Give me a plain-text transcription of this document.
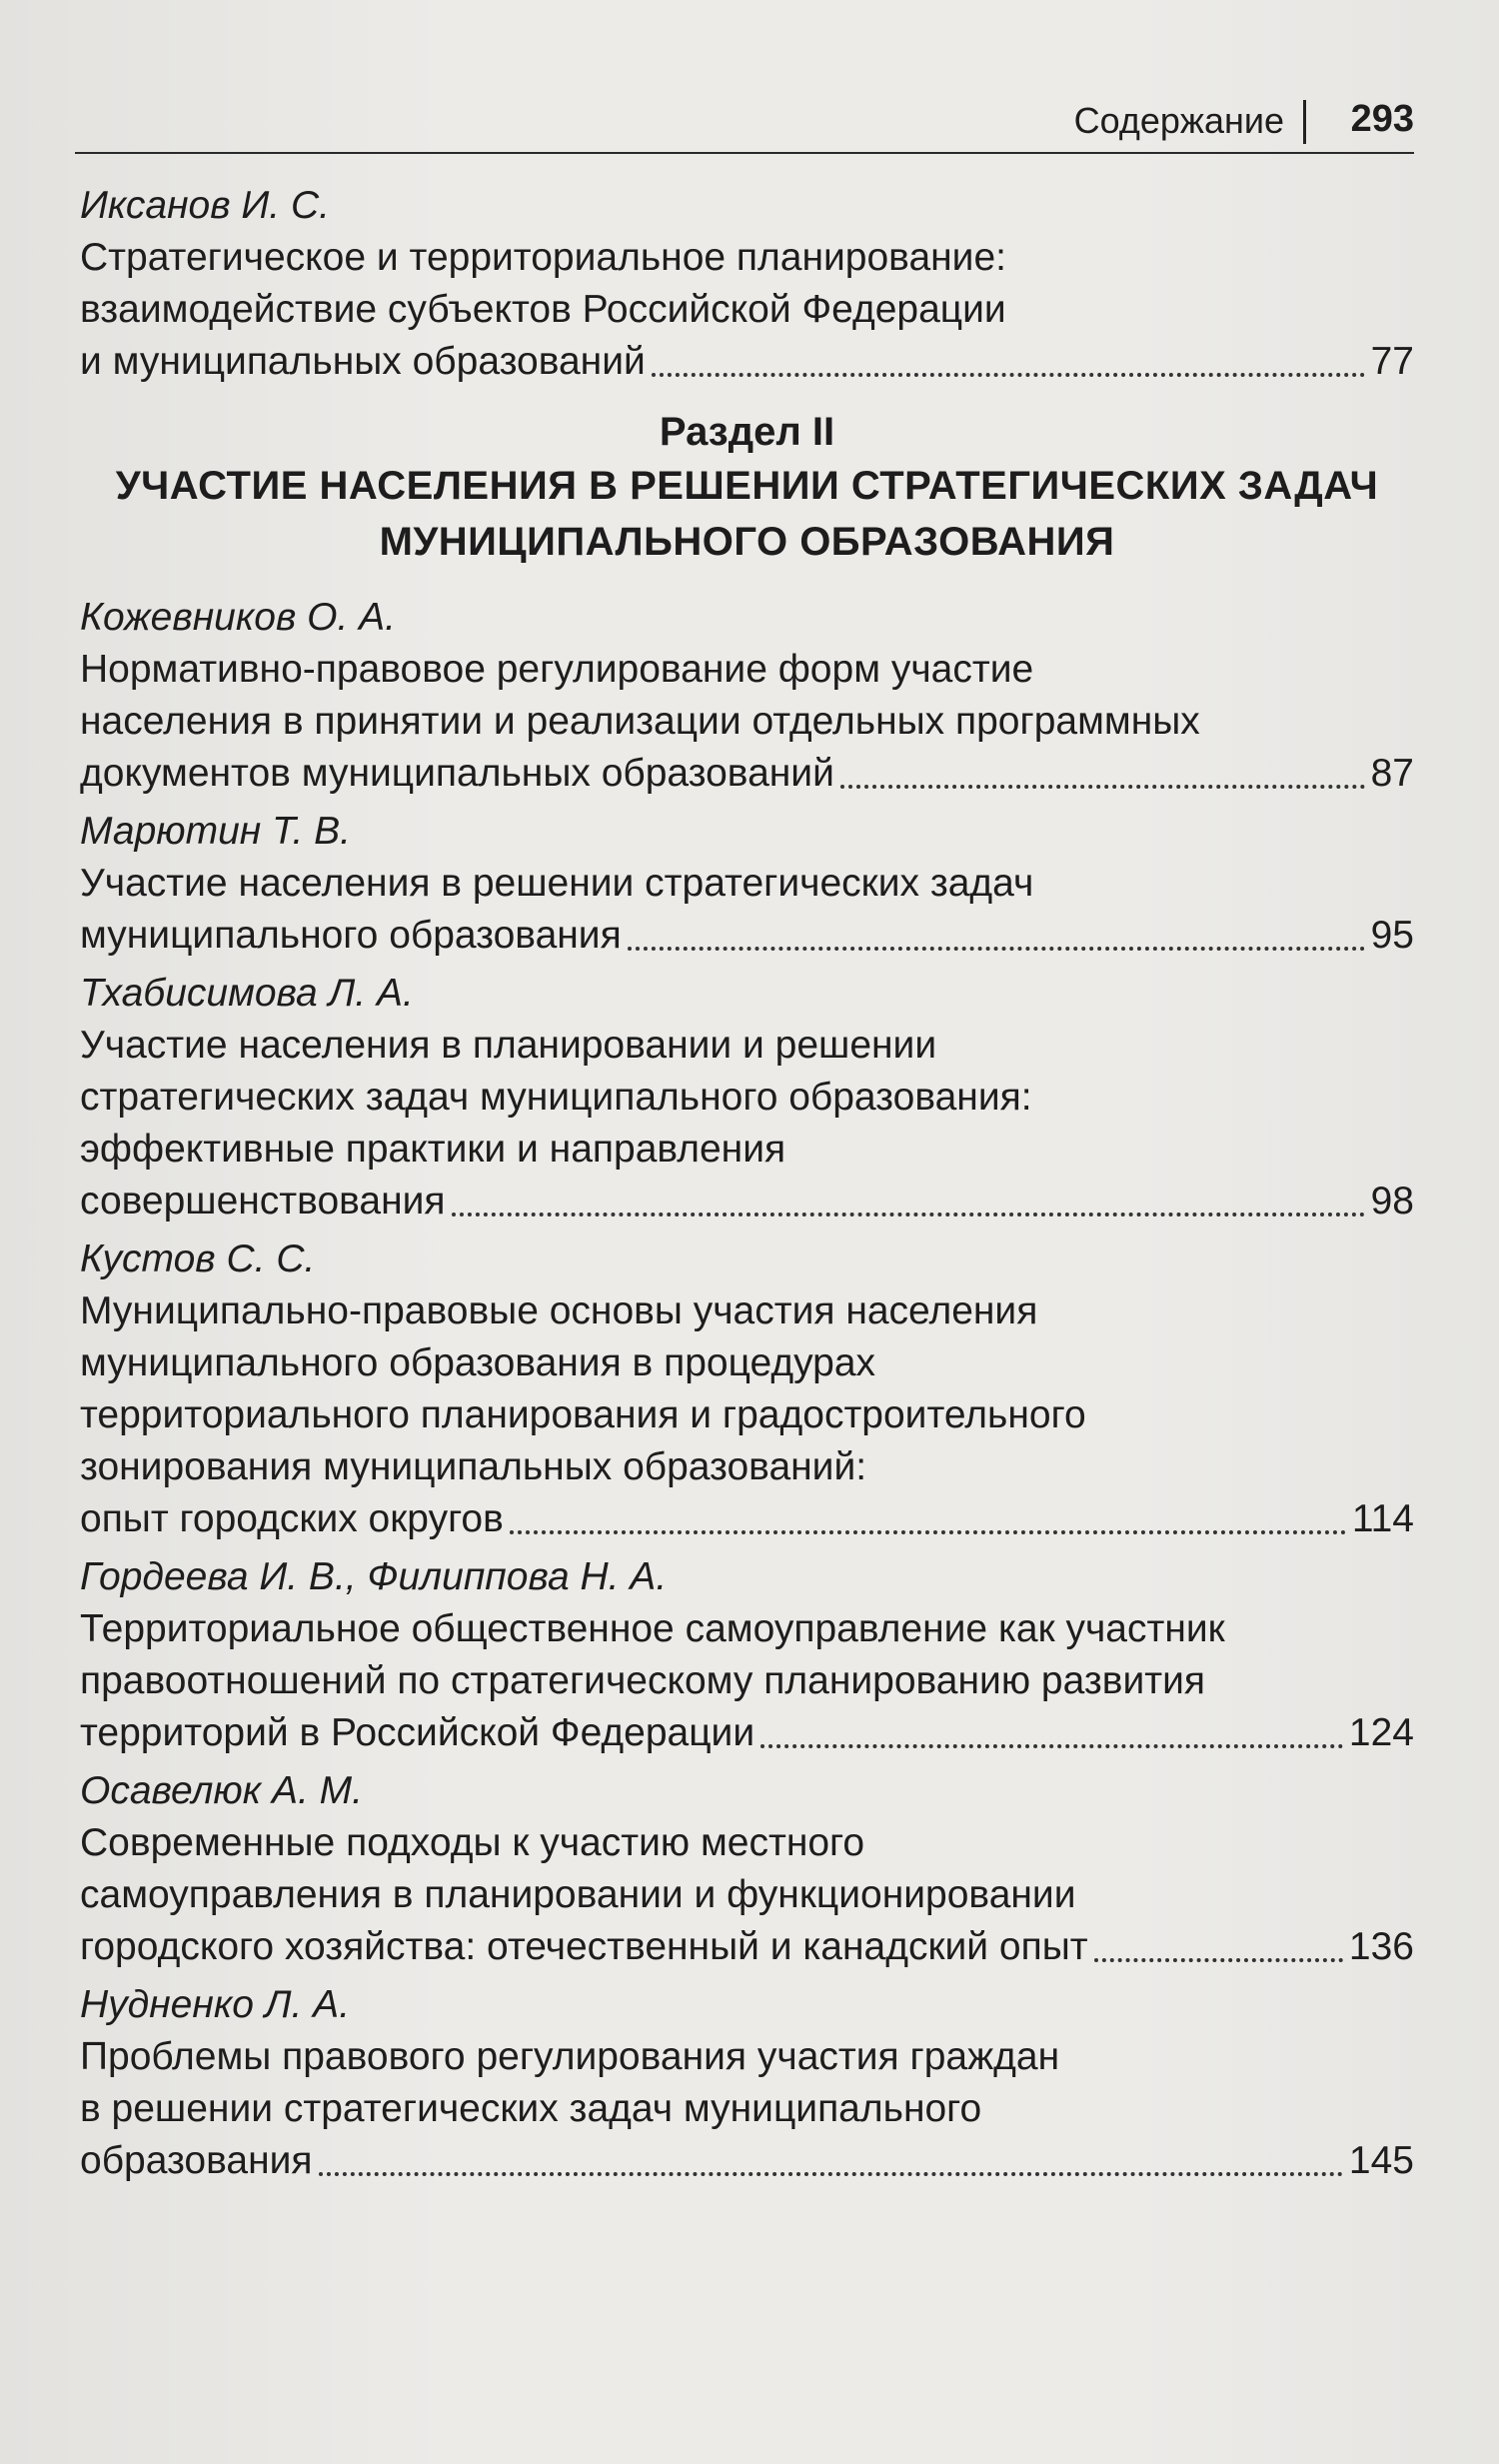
Содержание 293
Иксанов И. С.
Стратегическое и территориальное планирование:
взаимодействие субъектов Российской Федерации
и муниципальных образований	77
Раздел II
УЧАСТИЕ НАСЕЛЕНИЯ В РЕШЕНИИ СТРАТЕГИЧЕСКИХ ЗАДАЧ
МУНИЦИПАЛЬНОГО ОБРАЗОВАНИЯ
Кожевников О. А.
Нормативно-правовое регулирование форм участие
населения в принятии и реализации отдельных программных
документов муниципальных образований	87
Марютин Т. В.
Участие населения в решении стратегических задач
муниципального образования	95
Тхабисимова Л. А.
Участие населения в планировании и решении
стратегических задач муниципального образования:
эффективные практики и направления
совершенствования	98
Кустов С. С.
Муниципально-правовые основы участия населения
муниципального образования в процедурах
территориального планирования и градостроительного
зонирования муниципальных образований:
опыт городских округов	114
Гордеева И. В., Филиппова Н. А.
Территориальное общественное самоуправление как участник
правоотношений по стратегическому планированию развития
территорий в Российской Федерации	124
Осавелюк А. М.
Современные подходы к участию местного
самоуправления в планировании и функционировании
городского хозяйства: отечественный и канадский опыт	136
Нудненко Л. А.
Проблемы правового регулирования участия граждан
в решении стратегических задач муниципального
образования	145
